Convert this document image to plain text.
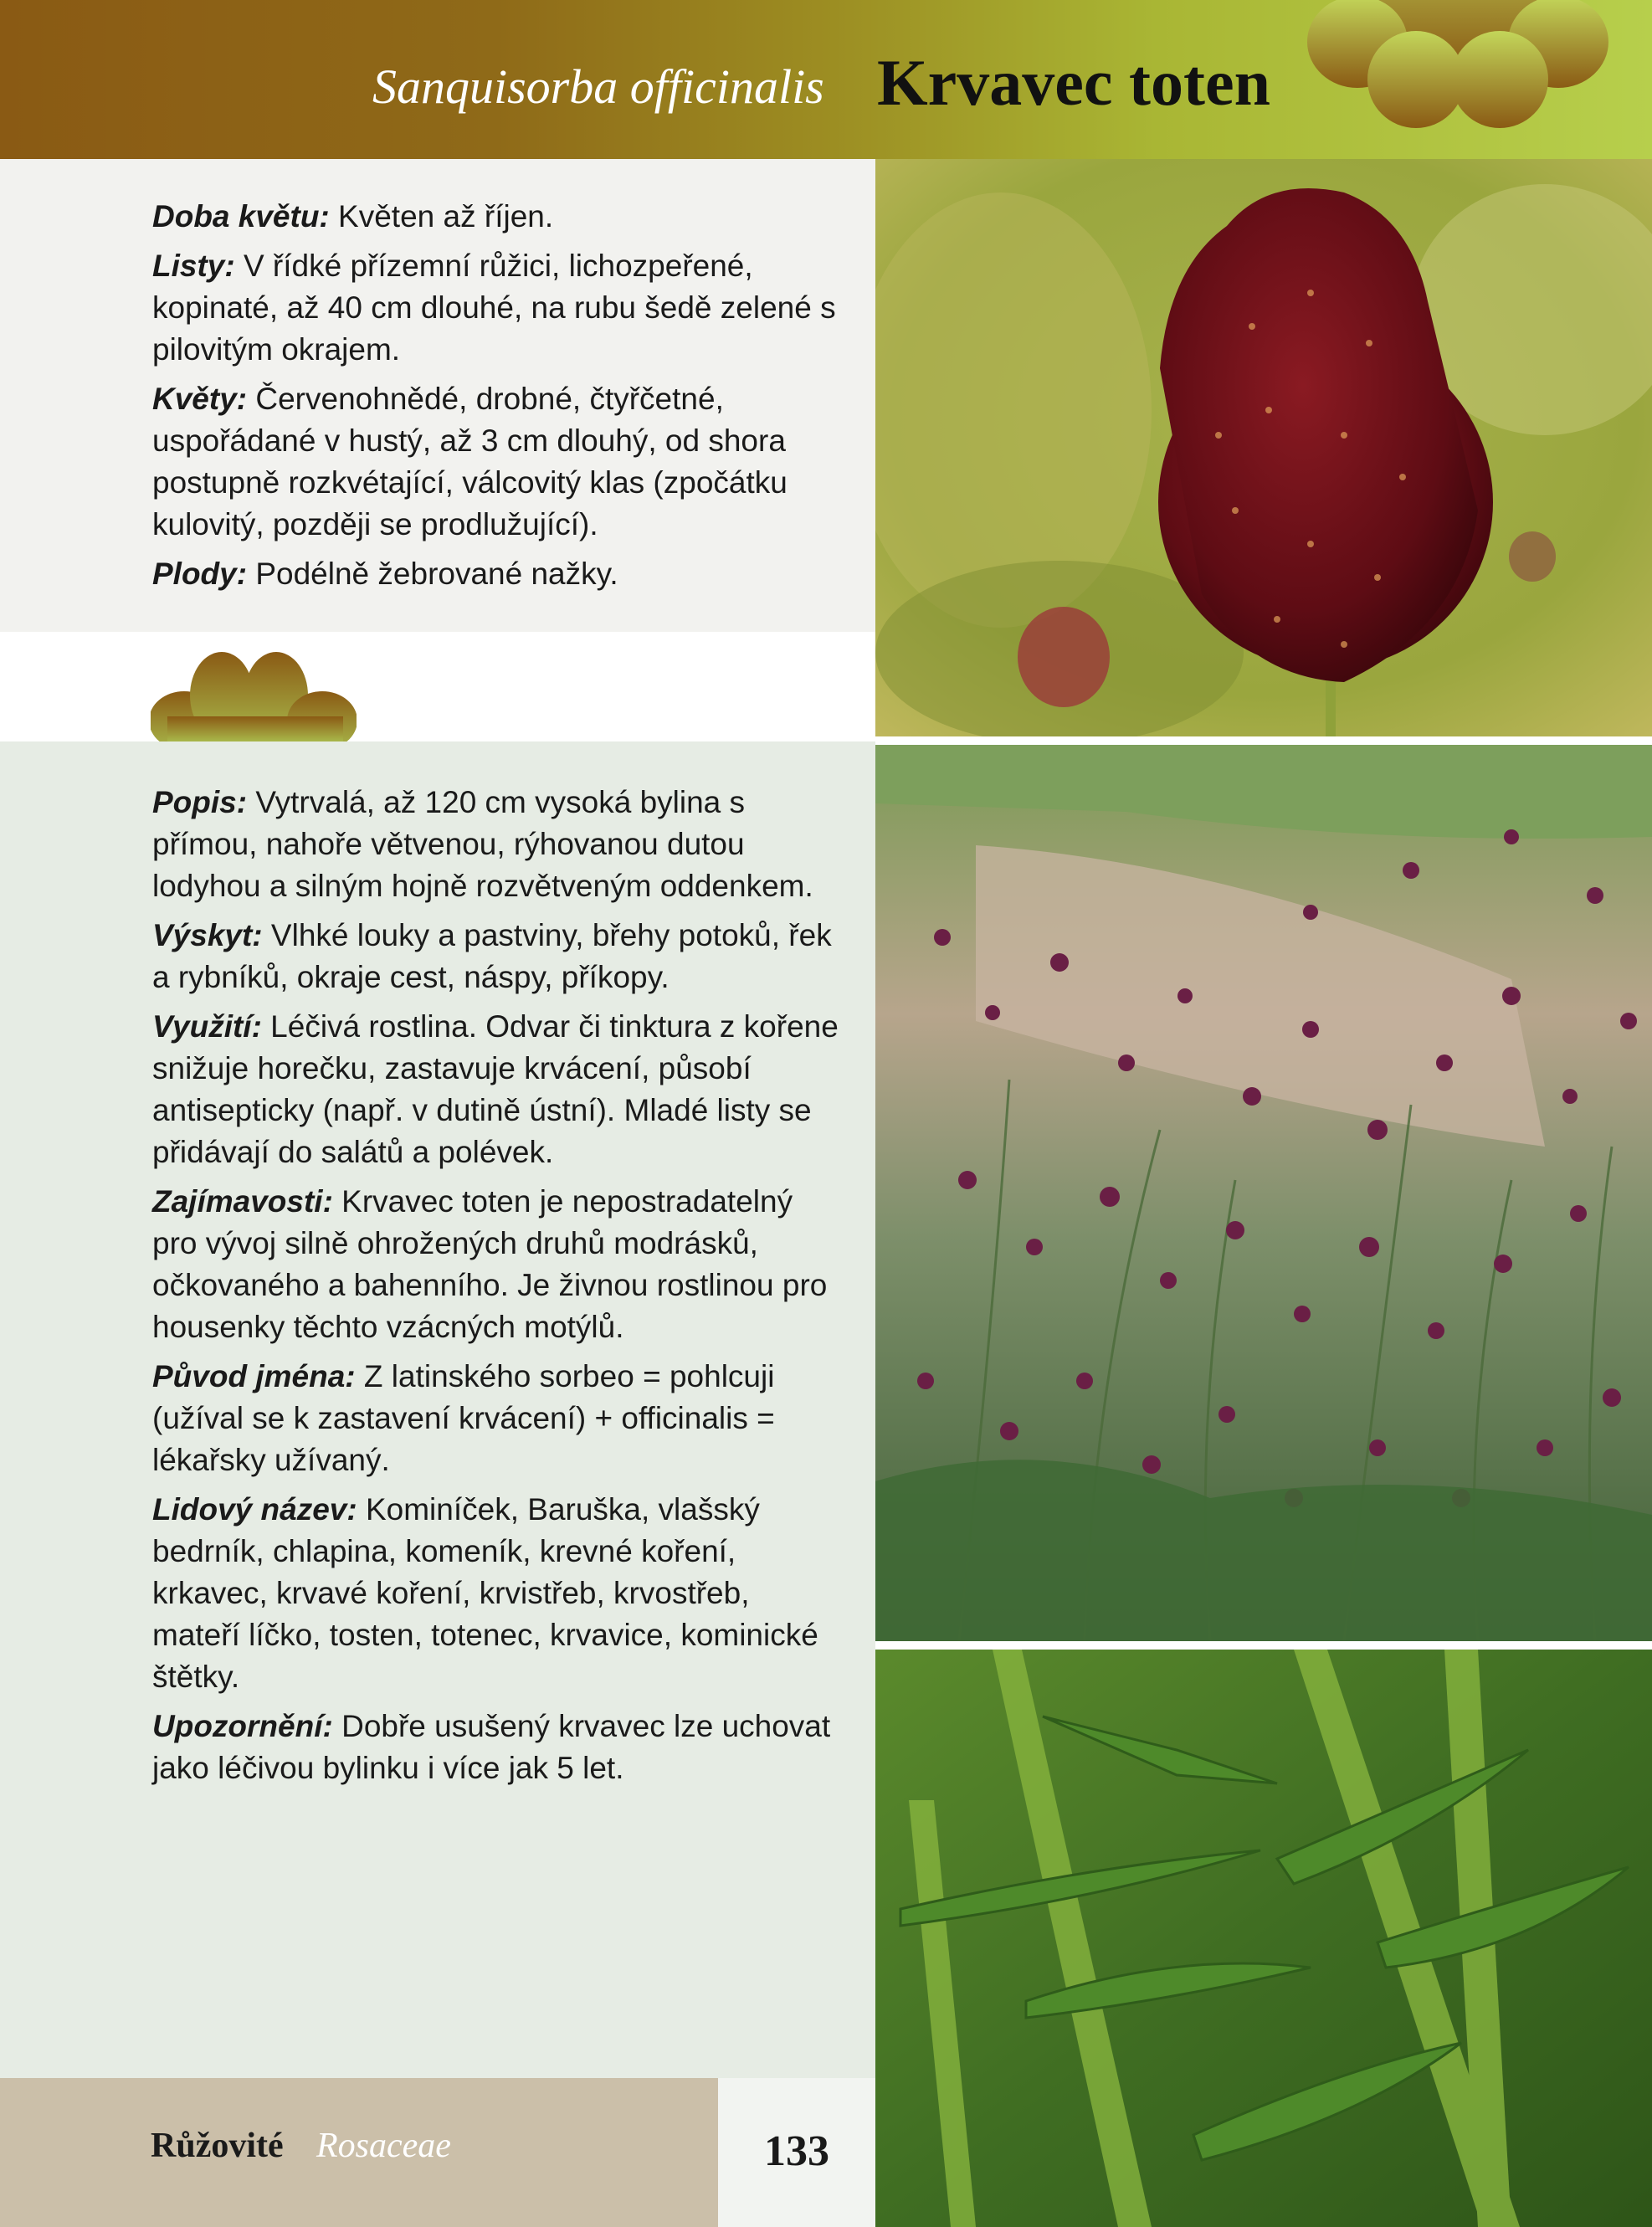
Sanquisorba officinalis Krvavec toten

Doba květu: Květen až říjen.

Listy: V řídké přízemní růžici, lichozpeřené, kopinaté, až 40 cm dlouhé, na rubu šedě zelené s pilovitým okrajem.

Květy: Červenohnědé, drobné, čtyřčetné, uspořádané v hustý, až 3 cm dlouhý, od shora postupně rozkvétající, válcovitý klas (zpočátku kulovitý, později se prodlužující).

Plody: Podélně žebrované nažky.

Popis: Vytrvalá, až 120 cm vysoká bylina s přímou, nahoře větvenou, rýhovanou dutou lodyhou a silným hojně rozvětveným oddenkem.

Výskyt: Vlhké louky a pastviny, břehy potoků, řek a rybníků, okraje cest, náspy, příkopy.

Využití: Léčivá rostlina. Odvar či tinktura z kořene snižuje horečku, zastavuje krvácení, působí antisepticky (např. v dutině ústní). Mladé listy se přidávají do salátů a polévek.

Zajímavosti: Krvavec toten je nepostradatelný pro vývoj silně ohrožených druhů modrásků, očkovaného a bahenního. Je živnou rostlinou pro housenky těchto vzácných motýlů.

Původ jména: Z latinského sorbeo = pohlcuji (užíval se k zastavení krvácení) + officinalis = lékařsky užívaný.

Lidový název: Kominíček, Baruška, vlašský bedrník, chlapina, komeník, krevné koření, krkavec, krvavé koření, krvistřeb, krvostřeb, mateří líčko, tosten, totenec, krvavice, kominické štětky.

Upozornění: Dobře usušený krvavec lze uchovat jako léčivou bylinku i více jak 5 let.

Růžovité Rosaceae	133
